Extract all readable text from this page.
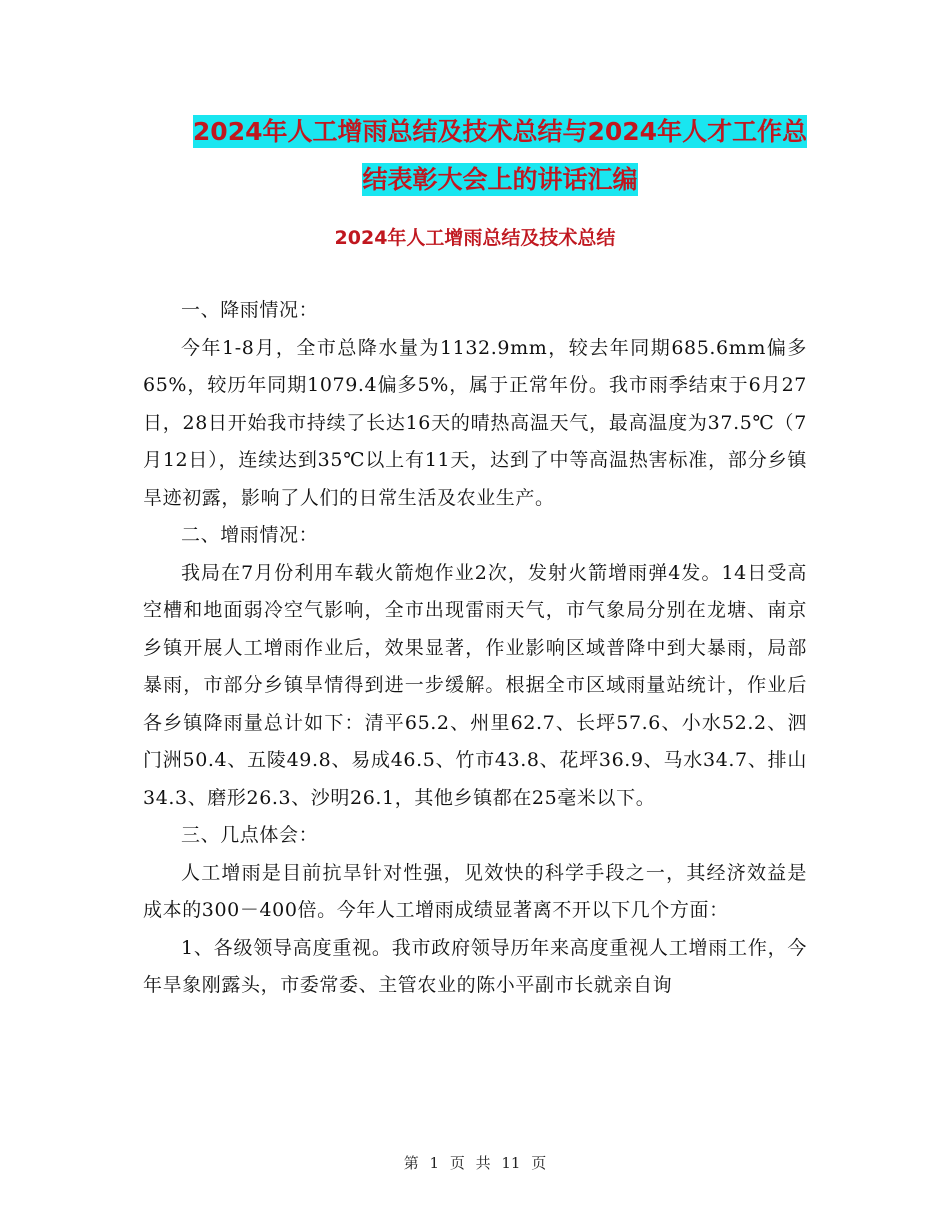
2024年人工增雨总结及技术总结与2024年人才工作总
结表彰大会上的讲话汇编
2024年人工增雨总结及技术总结

一、降雨情况：

今年1-8月，全市总降水量为1132.9mm，较去年同期685.6mm偏多65%，较历年同期1079.4偏多5%，属于正常年份。我市雨季结束于6月27日，28日开始我市持续了长达16天的晴热高温天气，最高温度为37.5℃（7月12日），连续达到35℃以上有11天，达到了中等高温热害标准，部分乡镇旱迹初露，影响了人们的日常生活及农业生产。

二、增雨情况：

我局在7月份利用车载火箭炮作业2次，发射火箭增雨弹4发。14日受高空槽和地面弱冷空气影响，全市出现雷雨天气，市气象局分别在龙塘、南京乡镇开展人工增雨作业后，效果显著，作业影响区域普降中到大暴雨，局部暴雨，市部分乡镇旱情得到进一步缓解。根据全市区域雨量站统计，作业后各乡镇降雨量总计如下：清平65.2、州里62.7、长坪57.6、小水52.2、泗门洲50.4、五陵49.8、易成46.5、竹市43.8、花坪36.9、马水34.7、排山34.3、磨形26.3、沙明26.1，其他乡镇都在25毫米以下。

三、几点体会：

人工增雨是目前抗旱针对性强，见效快的科学手段之一，其经济效益是成本的300－400倍。今年人工增雨成绩显著离不开以下几个方面：

1、各级领导高度重视。我市政府领导历年来高度重视人工增雨工作，今年旱象刚露头，市委常委、主管农业的陈小平副市长就亲自询

第 1 页 共 11 页
